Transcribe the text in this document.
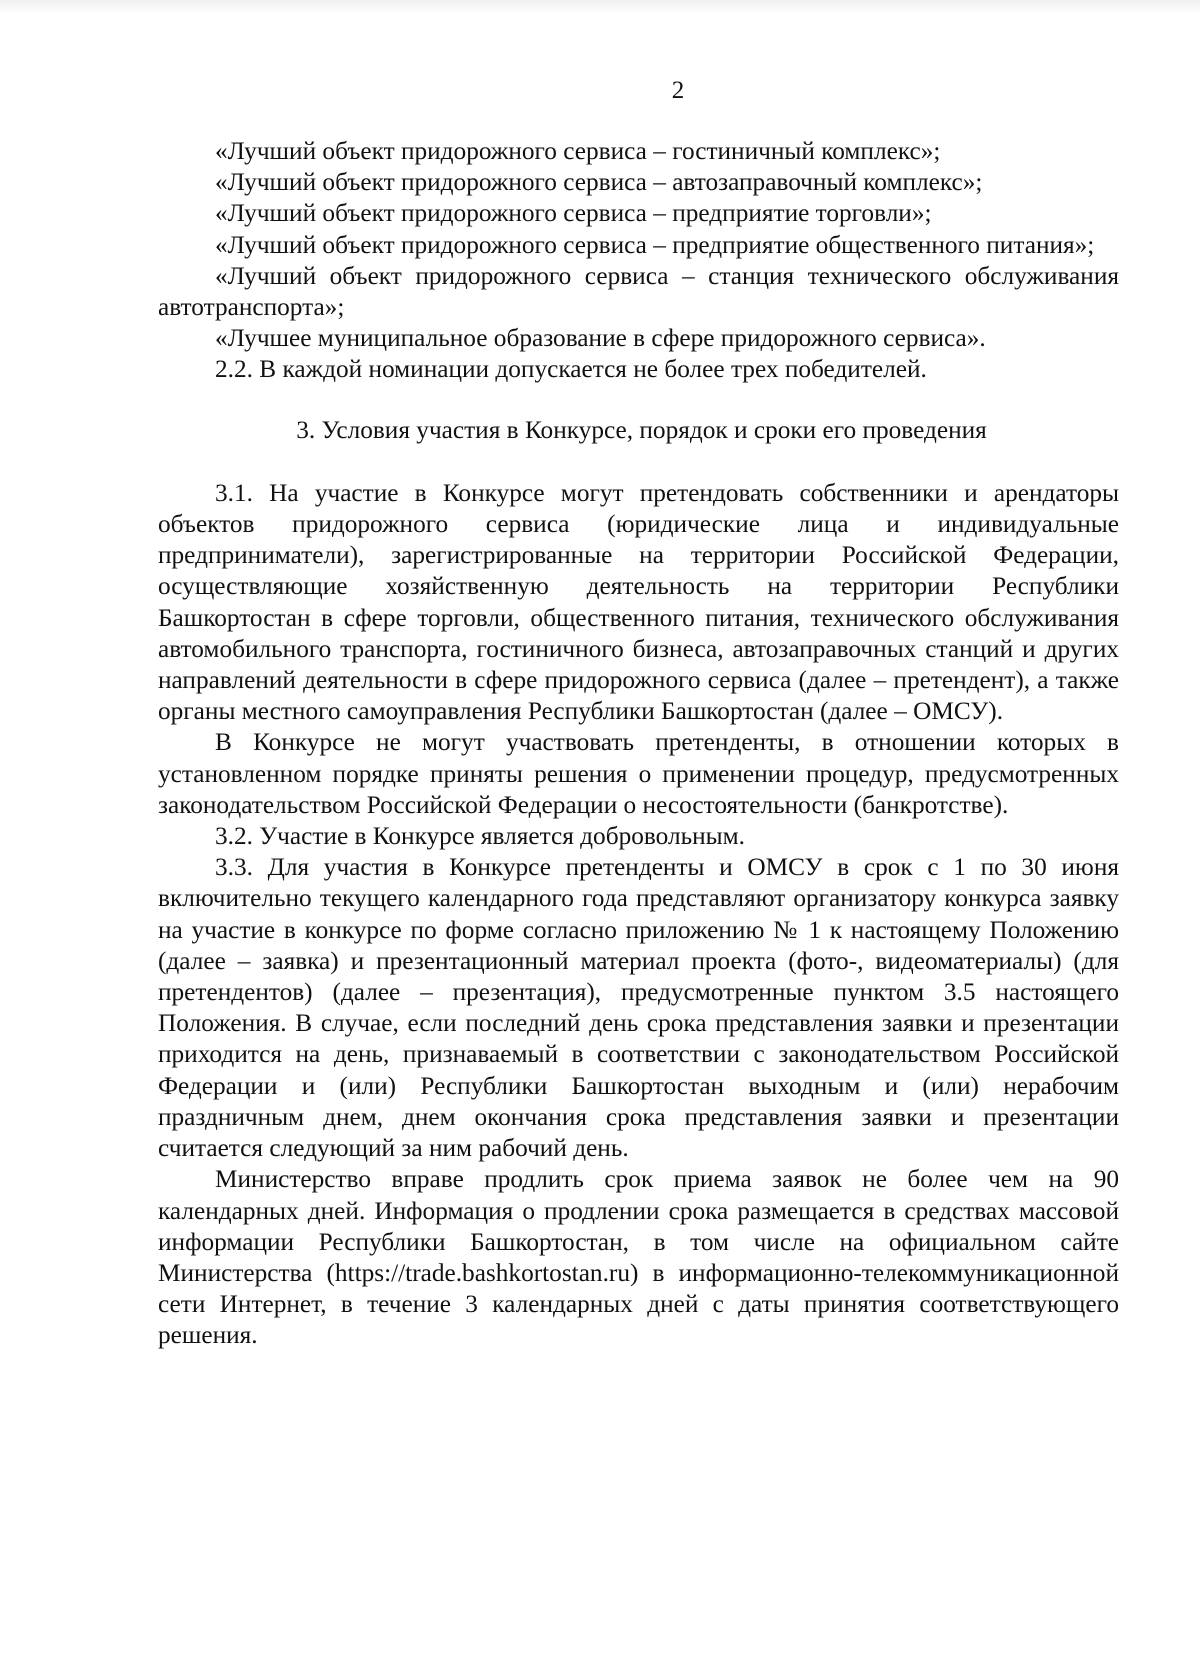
2

«Лучший объект придорожного сервиса – гостиничный комплекс»;

«Лучший объект придорожного сервиса – автозаправочный комплекс»;

«Лучший объект придорожного сервиса – предприятие торговли»;

«Лучший объект придорожного сервиса – предприятие общественного питания»;

«Лучший объект придорожного сервиса – станция технического обслуживания автотранспорта»;

«Лучшее муниципальное образование в сфере придорожного сервиса».

2.2. В каждой номинации допускается не более трех победителей.

3. Условия участия в Конкурсе, порядок и сроки его проведения

3.1. На участие в Конкурсе могут претендовать собственники и арендаторы объектов придорожного сервиса (юридические лица и индивидуальные предприниматели), зарегистрированные на территории Российской Федерации, осуществляющие хозяйственную деятельность на территории Республики Башкортостан в сфере торговли, общественного питания, технического обслуживания автомобильного транспорта, гостиничного бизнеса, автозаправочных станций и других направлений деятельности в сфере придорожного сервиса (далее – претендент), а также органы местного самоуправления Республики Башкортостан (далее – ОМСУ).

В Конкурсе не могут участвовать претенденты, в отношении которых в установленном порядке приняты решения о применении процедур, предусмотренных законодательством Российской Федерации о несостоятельности (банкротстве).

3.2. Участие в Конкурсе является добровольным.

3.3. Для участия в Конкурсе претенденты и ОМСУ в срок с 1 по 30 июня включительно текущего календарного года представляют организатору конкурса заявку на участие в конкурсе по форме согласно приложению № 1 к настоящему Положению (далее – заявка) и презентационный материал проекта (фото-, видеоматериалы) (для претендентов) (далее – презентация), предусмотренные пунктом 3.5 настоящего Положения. В случае, если последний день срока представления заявки и презентации приходится на день, признаваемый в соответствии с законодательством Российской Федерации и (или) Республики Башкортостан выходным и (или) нерабочим праздничным днем, днем окончания срока представления заявки и презентации считается следующий за ним рабочий день.

Министерство вправе продлить срок приема заявок не более чем на 90 календарных дней. Информация о продлении срока размещается в средствах массовой информации Республики Башкортостан, в том числе на официальном сайте Министерства (https://trade.bashkortostan.ru) в информационно-телекоммуникационной сети Интернет, в течение 3 календарных дней с даты принятия соответствующего решения.
